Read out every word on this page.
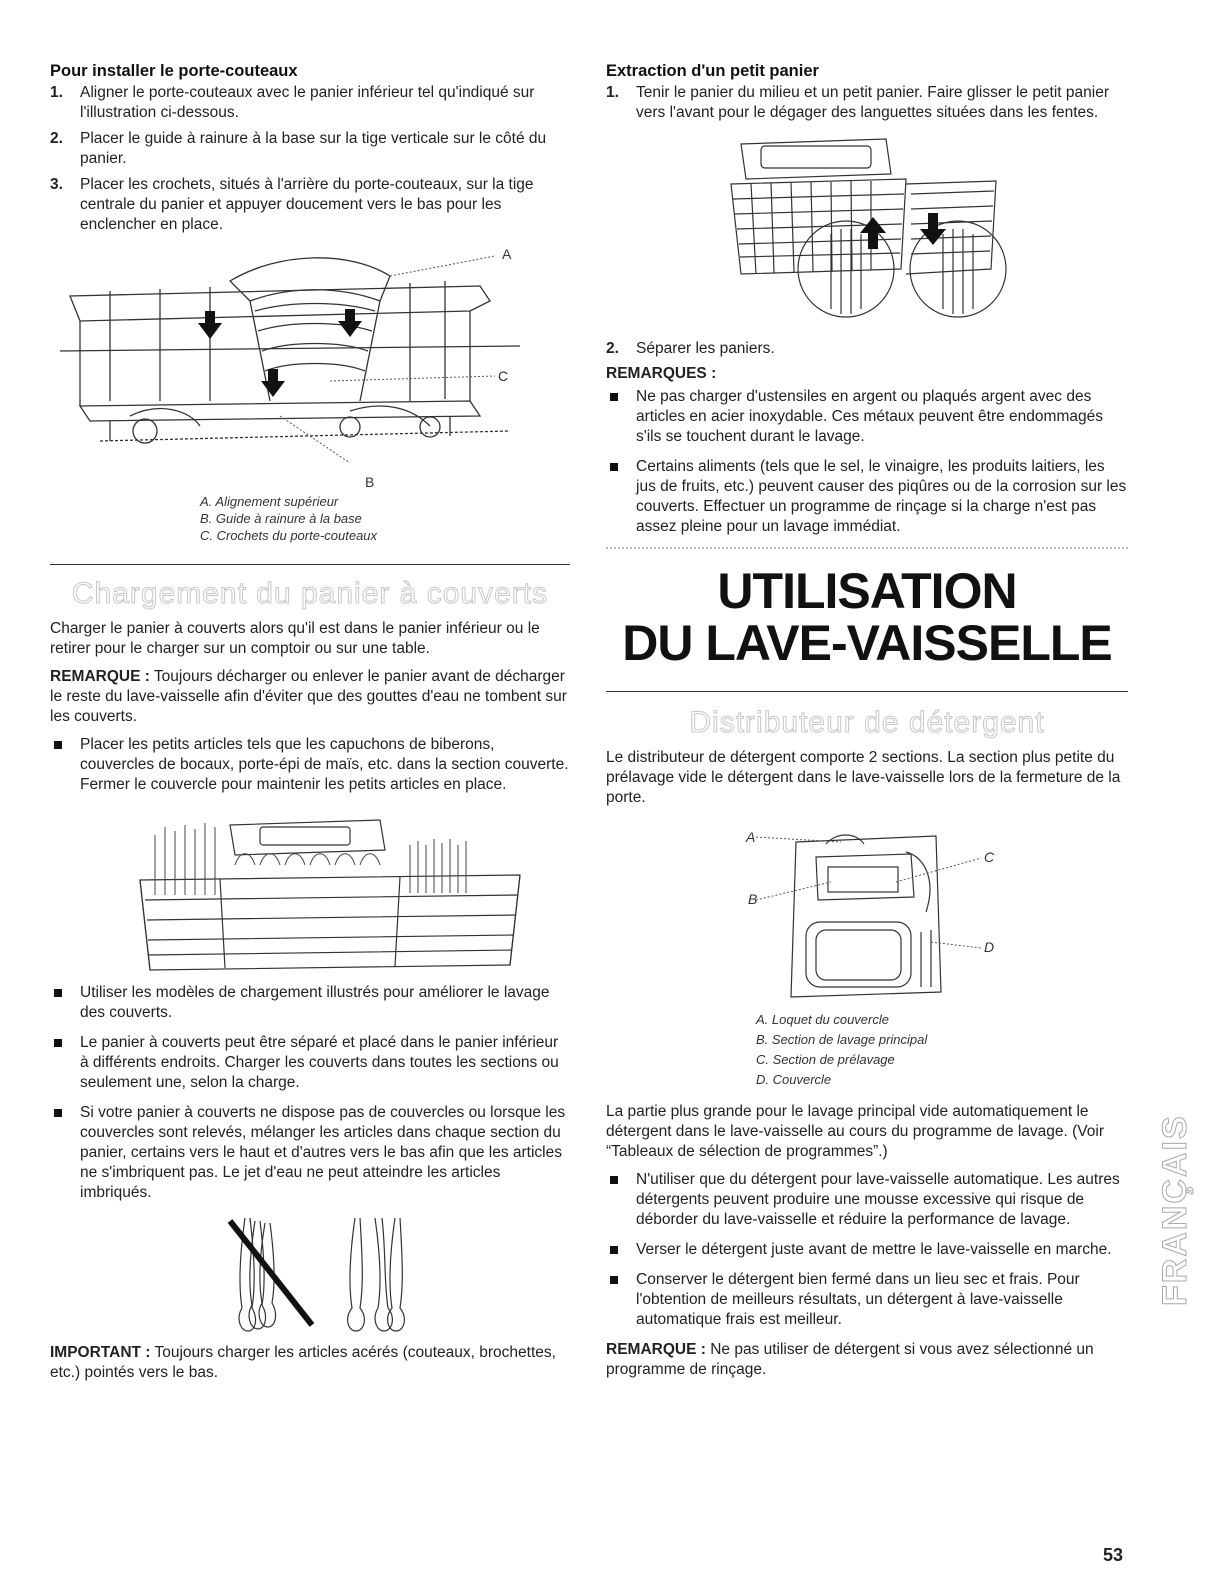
Pour installer le porte-couteaux
1. Aligner le porte-couteaux avec le panier inférieur tel qu'indiqué sur l'illustration ci-dessous.
2. Placer le guide à rainure à la base sur la tige verticale sur le côté du panier.
3. Placer les crochets, situés à l'arrière du porte-couteaux, sur la tige centrale du panier et appuyer doucement vers le bas pour les enclencher en place.
A
C
B
A. Alignement supérieur
B. Guide à rainure à la base
C. Crochets du porte-couteaux
Chargement du panier à couverts

Charger le panier à couverts alors qu'il est dans le panier inférieur ou le retirer pour le charger sur un comptoir ou sur une table.

REMARQUE : Toujours décharger ou enlever le panier avant de décharger le reste du lave-vaisselle afin d'éviter que des gouttes d'eau ne tombent sur les couverts.

Placer les petits articles tels que les capuchons de biberons, couvercles de bocaux, porte-épi de maïs, etc. dans la section couverte. Fermer le couvercle pour maintenir les petits articles en place.
Utiliser les modèles de chargement illustrés pour améliorer le lavage des couverts.
Le panier à couverts peut être séparé et placé dans le panier inférieur à différents endroits. Charger les couverts dans toutes les sections ou seulement une, selon la charge.
Si votre panier à couverts ne dispose pas de couvercles ou lorsque les couvercles sont relevés, mélanger les articles dans chaque section du panier, certains vers le haut et d'autres vers le bas afin que les articles ne s'imbriquent pas. Le jet d'eau ne peut atteindre les articles imbriqués.

IMPORTANT : Toujours charger les articles acérés (couteaux, brochettes, etc.) pointés vers le bas.

Extraction d'un petit panier
1. Tenir le panier du milieu et un petit panier. Faire glisser le petit panier vers l'avant pour le dégager des languettes situées dans les fentes.
2. Séparer les paniers.
REMARQUES :
Ne pas charger d'ustensiles en argent ou plaqués argent avec des articles en acier inoxydable. Ces métaux peuvent être endommagés s'ils se touchent durant le lavage.
Certains aliments (tels que le sel, le vinaigre, les produits laitiers, les jus de fruits, etc.) peuvent causer des piqûres ou de la corrosion sur les couverts. Effectuer un programme de rinçage si la charge n'est pas assez pleine pour un lavage immédiat.
UTILISATION
DU LAVE-VAISSELLE
Distributeur de détergent

Le distributeur de détergent comporte 2 sections. La section plus petite du prélavage vide le détergent dans le lave-vaisselle lors de la fermeture de la porte.

A
B
C
D
A. Loquet du couvercle
B. Section de lavage principal
C. Section de prélavage
D. Couvercle

La partie plus grande pour le lavage principal vide automatiquement le détergent dans le lave-vaisselle au cours du programme de lavage. (Voir “Tableaux de sélection de programmes”.)

N'utiliser que du détergent pour lave-vaisselle automatique. Les autres détergents peuvent produire une mousse excessive qui risque de déborder du lave-vaisselle et réduire la performance de lavage.
Verser le détergent juste avant de mettre le lave-vaisselle en marche.
Conserver le détergent bien fermé dans un lieu sec et frais. Pour l'obtention de meilleurs résultats, un détergent à lave-vaisselle automatique frais est meilleur.

REMARQUE : Ne pas utiliser de détergent si vous avez sélectionné un programme de rinçage.

FRANÇAIS
53
